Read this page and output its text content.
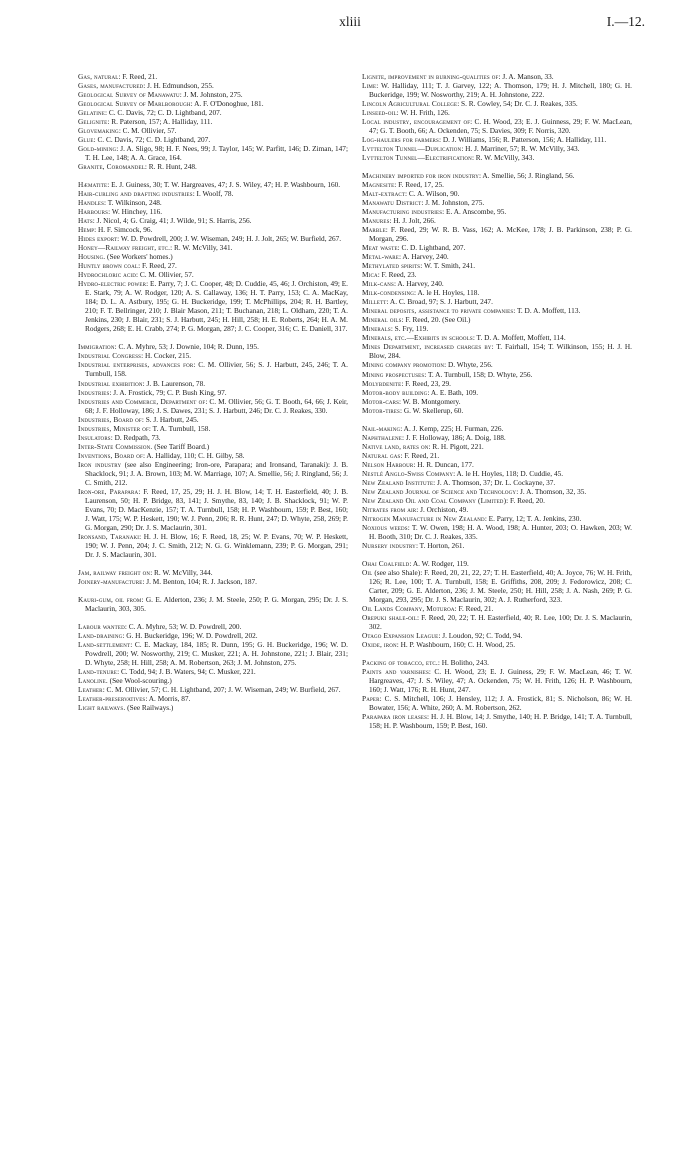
xliii	I.—12.

Gas, natural: F. Reed, 21.

Gases, manufactured: J. H. Edmundson, 255.

Geological Survey of Manawatu: J. M. Johnston, 275.

Geological Survey of Marlborough: A. F. O'Donoghue, 181.

Gelatine: C. C. Davis, 72; C. D. Lightband, 207.

Gelignite: R. Paterson, 157; A. Halliday, 111.

Glovemaking: C. M. Ollivier, 57.

Glue: C. C. Davis, 72; C. D. Lightband, 207.

Gold-mining: J. A. Sligo, 98; H. F. Nees, 99; J. Taylor, 145; W. Parfitt, 146; D. Ziman, 147; T. H. Lee, 148; A. A. Grace, 164.

Granite, Coromandel: R. R. Hunt, 248.

Hæmatite: E. J. Guiness, 30; T. W. Hargreaves, 47; J. S. Wiley, 47; H. P. Washbourn, 160.

Hair-curling and drafting industries: I. Woolf, 78.

Handles: T. Wilkinson, 248.

Harbours: W. Hinchey, 116.

Hats: J. Nicol, 4; G. Craig, 41; J. Wilde, 91; S. Harris, 256.

Hemp: H. F. Simcock, 96.

Hides export: W. D. Powdrell, 200; J. W. Wiseman, 249; H. J. Jolt, 265; W. Burfield, 267.

Honey—Railway freight, etc.: R. W. McVilly, 341.

Housing. (See Workers' homes.)

Huntly brown coal: F. Reed, 27.

Hydrochloric acid: C. M. Ollivier, 57.

Hydro-electric power: E. Parry, 7; J. C. Cooper, 48; D. Cuddie, 45, 46; J. Orchiston, 49; E. E. Stark, 79; A. W. Rodger, 120; A. S. Callaway, 136; H. T. Parry, 153; C. A. MacKay, 184; D. L. A. Astbury, 195; G. H. Buckeridge, 199; T. McPhillips, 204; R. H. Bartley, 210; F. T. Bellringer, 210; J. Blair Mason, 211; T. Buchanan, 218; L. Oldham, 220; T. A. Jenkins, 230; J. Blair, 231; S. J. Harbutt, 245; H. Hill, 258; H. E. Roberts, 264; H. A. M. Rodgers, 268; E. H. Crabb, 274; P. G. Morgan, 287; J. C. Cooper, 316; C. E. Daniell, 317.

Immigration: C. A. Myhre, 53; J. Downie, 104; R. Dunn, 195.

Industrial Congress: H. Cocker, 215.

Industrial enterprises, advances for: C. M. Ollivier, 56; S. J. Harbutt, 245, 246; T. A. Turnbull, 158.

Industrial exhibition: J. B. Laurenson, 78.

Industries: J. A. Frostick, 79; C. P. Bush King, 97.

Industries and Commerce, Department of: C. M. Ollivier, 56; G. T. Booth, 64, 66; J. Keir, 68; J. F. Holloway, 186; J. S. Dawes, 231; S. J. Harbutt, 246; Dr. C. J. Reakes, 330.

Industries, Board of: S. J. Harbutt, 245.

Industries, Minister of: T. A. Turnbull, 158.

Insulators: D. Redpath, 73.

Inter-State Commission. (See Tariff Board.)

Inventions, Board of: A. Halliday, 110; C. H. Gilby, 58.

Iron industry (see also Engineering; Iron-ore, Parapara; and Ironsand, Taranaki): J. B. Shacklock, 91; J. A. Brown, 103; M. W. Marriage, 107; A. Smellie, 56; J. Ringland, 56; J. C. Smith, 212.

Iron-ore, Parapara: F. Reed, 17, 25, 29; H. J. H. Blow, 14; T. H. Easterfield, 40; J. B. Laurenson, 50; H. P. Bridge, 83, 141; J. Smythe, 83, 140; J. B. Shacklock, 91; W. P. Evans, 70; D. MacKenzie, 157; T. A. Turnbull, 158; H. P. Washbourn, 159; P. Best, 160; J. Watt, 175; W. P. Heskett, 190; W. J. Penn, 206; R. R. Hunt, 247; D. Whyte, 258, 269; P. G. Morgan, 290; Dr. J. S. Maclaurin, 301.

Ironsand, Taranaki: H. J. H. Blow, 16; F. Reed, 18, 25; W. P. Evans, 70; W. P. Heskett, 190; W. J. Penn, 204; J. C. Smith, 212; N. G. G. Winklemann, 239; P. G. Morgan, 291; Dr. J. S. Maclaurin, 301.

Jam, railway freight on: R. W. McVilly, 344.

Joinery-manufacture: J. M. Benton, 104; R. J. Jackson, 187.

Kauri-gum, oil from: G. E. Alderton, 236; J. M. Steele, 250; P. G. Morgan, 295; Dr. J. S. Maclaurin, 303, 305.

Labour wanted: C. A. Myhre, 53; W. D. Powdrell, 200.

Land-draining: G. H. Buckeridge, 196; W. D. Powdrell, 202.

Land-settlement: C. E. Mackay, 184, 185; R. Dunn, 195; G. H. Buckeridge, 196; W. D. Powdrell, 200; W. Nosworthy, 219; C. Musker, 221; A. H. Johnstone, 221; J. Blair, 231; D. Whyte, 258; H. Hill, 258; A. M. Robertson, 263; J. M. Johnston, 275.

Land-tenure: C. Todd, 94; J. B. Waters, 94; C. Musker, 221.

Lanoline. (See Wool-scouring.)

Leather: C. M. Ollivier, 57; C. H. Lightband, 207; J. W. Wiseman, 249; W. Burfield, 267.

Leather-preservatives: A. Morris, 87.

Light railways. (See Railways.)

Lignite, improvement in burning-qualities of: J. A. Manson, 33.

Lime: W. Halliday, 111; T. J. Garvey, 122; A. Thomson, 179; H. J. Mitchell, 180; G. H. Buckeridge, 199; W. Nosworthy, 219; A. H. Johnstone, 222.

Lincoln Agricultural College: S. R. Cowley, 54; Dr. C. J. Reakes, 335.

Linseed-oil: W. H. Frith, 126.

Local industry, encouragement of: C. H. Wood, 23; E. J. Guinness, 29; F. W. MacLean, 47; G. T. Booth, 66; A. Ockenden, 75; S. Davies, 309; F. Norris, 320.

Log-haulers for farmers: D. J. Williams, 156; R. Patterson, 156; A. Halliday, 111.

Lyttelton Tunnel—Duplication: H. J. Marriner, 57; R. W. McVilly, 343.

Lyttelton Tunnel—Electrification: R. W. McVilly, 343.

Machinery imported for iron industry: A. Smellie, 56; J. Ringland, 56.

Magnesite: F. Reed, 17, 25.

Malt-extract: C. A. Wilson, 90.

Manawatu District: J. M. Johnston, 275.

Manufacturing industries: E. A. Anscombe, 95.

Manures: H. J. Jolt, 266.

Marble: F. Reed, 29; W. R. B. Vass, 162; A. McKee, 178; J. B. Parkinson, 238; P. G. Morgan, 296.

Meat waste: C. D. Lightband, 207.

Metal-ware: A. Harvey, 240.

Methylated spirits: W. T. Smith, 241.

Mica: F. Reed, 23.

Milk-cans: A. Harvey, 240.

Milk-condensing: A. le H. Hoyles, 118.

Millett: A. C. Broad, 97; S. J. Harbutt, 247.

Mineral deposits, assistance to private companies: T. D. A. Moffett, 113.

Mineral oils: F. Reed, 20. (See Oil.)

Minerals: S. Fry, 119.

Minerals, etc.—Exhibits in schools: T. D. A. Moffett, Moffett, 114.

Mines Department, increased charges by: T. Fairhall, 154; T. Wilkinson, 155; H. J. H. Blow, 284.

Mining company promotion: D. Whyte, 256.

Mining prospectuses: T. A. Turnbull, 158; D. Whyte, 256.

Molybdenite: F. Reed, 23, 29.

Motor-body building: A. E. Bath, 109.

Motor-cars: W. B. Montgomery.

Motor-tires: G. W. Skellerup, 60.

Nail-making: A. J. Kemp, 225; H. Furman, 226.

Naphthalene: J. F. Holloway, 186; A. Doig, 188.

Native land, rates on: R. H. Pigott, 221.

Natural gas: F. Reed, 21.

Nelson Harbour: H. R. Duncan, 177.

Nestlé Anglo-Swiss Company: A. le H. Hoyles, 118; D. Cuddie, 45.

New Zealand Institute: J. A. Thomson, 37; Dr. L. Cockayne, 37.

New Zealand Journal of Science and Technology: J. A. Thomson, 32, 35.

New Zealand Oil and Coal Company (Limited): F. Reed, 20.

Nitrates from air: J. Orchiston, 49.

Nitrogen Manufacture in New Zealand: E. Parry, 12; T. A. Jenkins, 230.

Noxious weeds: T. W. Owen, 198; H. A. Wood, 198; A. Hunter, 203; O. Hawken, 203; W. H. Booth, 310; Dr. C. J. Reakes, 335.

Nursery industry: T. Horton, 261.

Ohai Coalfield: A. W. Rodger, 119.

Oil (see also Shale): F. Reed, 20, 21, 22, 27; T. H. Easterfield, 40; A. Joyce, 76; W. H. Frith, 126; R. Lee, 100; T. A. Turnbull, 158; E. Griffiths, 208, 209; J. Fedorowicz, 208; C. Carter, 209; G. E. Alderton, 236; J. M. Steele, 250; H. Hill, 258; J. A. Nash, 269; P. G. Morgan, 293, 295; Dr. J. S. Maclaurin, 302; A. J. Rutherford, 323.

Oil Lands Company, Moturoa: F. Reed, 21.

Orepuki shale-oil: F. Reed, 20, 22; T. H. Easterfield, 40; R. Lee, 100; Dr. J. S. Maclaurin, 302.

Otago Expansion League: J. Loudon, 92; C. Todd, 94.

Oxide, iron: H. P. Washbourn, 160; C. H. Wood, 25.

Packing of tobacco, etc.: H. Bolitho, 243.

Paints and varnishes: C. H. Wood, 23; E. J. Guiness, 29; F. W. MacLean, 46; T. W. Hargreaves, 47; J. S. Wiley, 47; A. Ockenden, 75; W. H. Frith, 126; H. P. Washbourn, 160; J. Watt, 176; R. H. Hunt, 247.

Paper: C. S. Mitchell, 106; J. Hensley, 112; J. A. Frostick, 81; S. Nicholson, 86; W. H. Bowater, 156; A. White, 260; A. M. Robertson, 262.

Parapara iron leases: H. J. H. Blow, 14; J. Smythe, 140; H. P. Bridge, 141; T. A. Turnbull, 158; H. P. Washbourn, 159; P. Best, 160.
